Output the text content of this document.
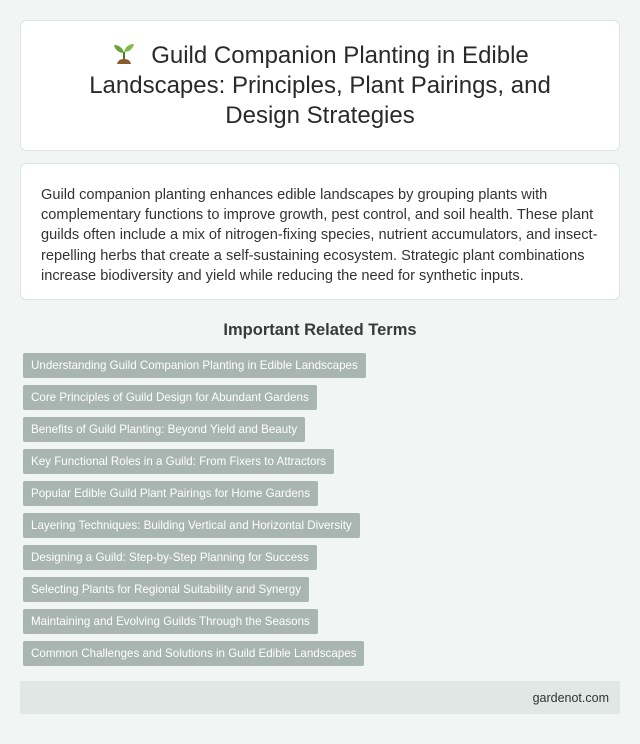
Guild Companion Planting in Edible Landscapes: Principles, Plant Pairings, and Design Strategies

Guild companion planting enhances edible landscapes by grouping plants with complementary functions to improve growth, pest control, and soil health. These plant guilds often include a mix of nitrogen-fixing species, nutrient accumulators, and insect-repelling herbs that create a self-sustaining ecosystem. Strategic plant combinations increase biodiversity and yield while reducing the need for synthetic inputs.

Important Related Terms
Understanding Guild Companion Planting in Edible Landscapes
Core Principles of Guild Design for Abundant Gardens
Benefits of Guild Planting: Beyond Yield and Beauty
Key Functional Roles in a Guild: From Fixers to Attractors
Popular Edible Guild Plant Pairings for Home Gardens
Layering Techniques: Building Vertical and Horizontal Diversity
Designing a Guild: Step-by-Step Planning for Success
Selecting Plants for Regional Suitability and Synergy
Maintaining and Evolving Guilds Through the Seasons
Common Challenges and Solutions in Guild Edible Landscapes
gardenot.com
